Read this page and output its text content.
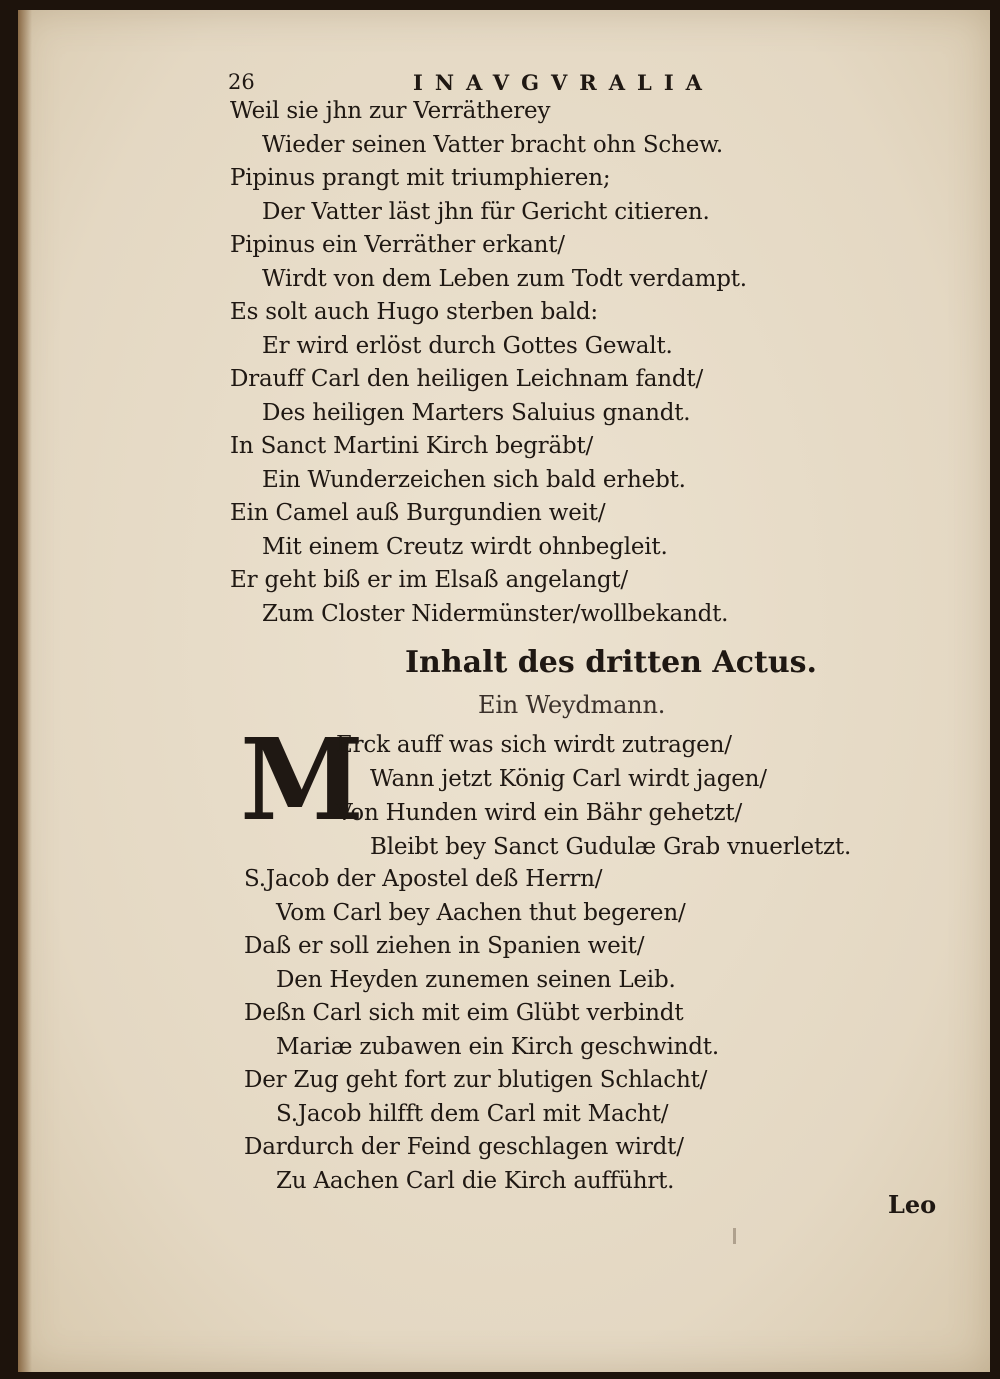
26	INAVGVRALIA
Weil sie jhn zur Verrätherey
Wieder seinen Vatter bracht ohn Schew.
Pipinus prangt mit triumphieren;
Der Vatter läst jhn für Gericht citieren.
Pipinus ein Verräther erkant/
Wirdt von dem Leben zum Todt verdampt.
Es solt auch Hugo sterben bald:
Er wird erlöst durch Gottes Gewalt.
Drauff Carl den heiligen Leichnam fandt/
Des heiligen Marters Saluius gnandt.
In Sanct Martini Kirch begräbt/
Ein Wunderzeichen sich bald erhebt.
Ein Camel auß Burgundien weit/
Mit einem Creutz wirdt ohnbegleit.
Er geht biß er im Elsaß angelangt/
Zum Closter Nidermünster/wollbekandt.
Inhalt des dritten Actus.
Ein Weydmann.
M
Erck auff was sich wirdt zutragen/
Wann jetzt König Carl wirdt jagen/
Von Hunden wird ein Bähr gehetzt/
Bleibt bey Sanct Gudulæ Grab vnuerletzt.
S.Jacob der Apostel deß Herrn/
Vom Carl bey Aachen thut begeren/
Daß er soll ziehen in Spanien weit/
Den Heyden zunemen seinen Leib.
Deßn Carl sich mit eim Glübt verbindt
Mariæ zubawen ein Kirch geschwindt.
Der Zug geht fort zur blutigen Schlacht/
S.Jacob hilfft dem Carl mit Macht/
Dardurch der Feind geschlagen wirdt/
Zu Aachen Carl die Kirch aufführt.
Leo
